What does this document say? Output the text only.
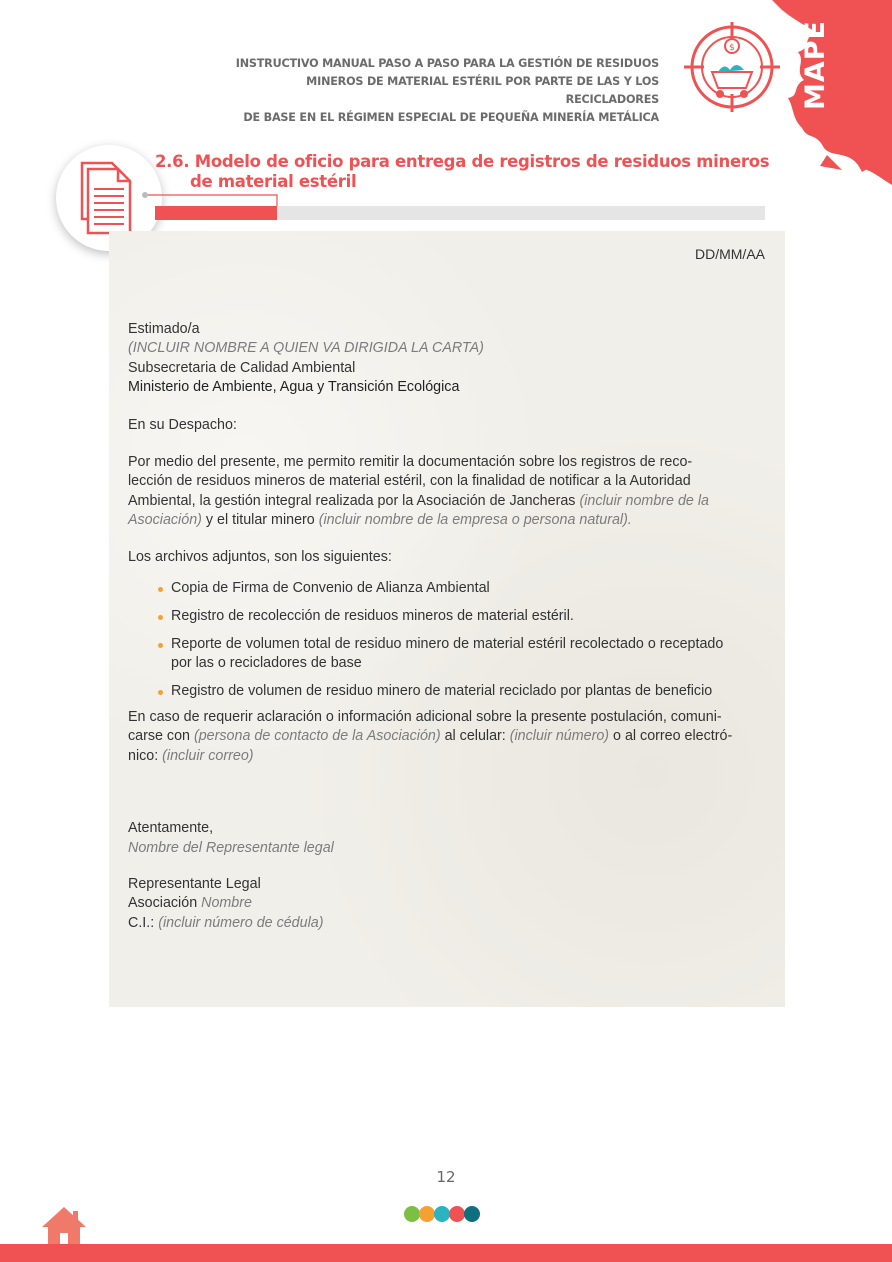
INSTRUCTIVO MANUAL PASO A PASO PARA LA GESTIÓN DE RESIDUOS
MINEROS DE MATERIAL ESTÉRIL POR PARTE DE LAS Y LOS RECICLADORES
DE BASE EN EL RÉGIMEN ESPECIAL DE PEQUEÑA MINERÍA METÁLICA
MAPE
$
2.6. Modelo de oficio para entrega de registros de residuos mineros
de material estéril
DD/MM/AA

Estimado/a

(INCLUIR NOMBRE A QUIEN VA DIRIGIDA LA CARTA)

Subsecretaria de Calidad Ambiental

Ministerio de Ambiente, Agua y Transición Ecológica

En su Despacho:

Por medio del presente, me permito remitir la documentación sobre los registros de reco-

lección de residuos mineros de material estéril, con la finalidad de notificar a la Autoridad

Ambiental, la gestión integral realizada por la Asociación de Jancheras (incluir nombre de la

Asociación) y el titular minero (incluir nombre de la empresa o persona natural).

Los archivos adjuntos, son los siguientes:

Copia de Firma de Convenio de Alianza Ambiental
Registro de recolección de residuos mineros de material estéril.
Reporte de volumen total de residuo minero de material estéril recolectado o receptado
por las o recicladores de base
Registro de volumen de residuo minero de material reciclado por plantas de beneficio

En caso de requerir aclaración o información adicional sobre la presente postulación, comuni-

carse con (persona de contacto de la Asociación) al celular: (incluir número) o al correo electró-

nico: (incluir correo)

Atentamente,

Nombre del Representante legal

Representante Legal

Asociación Nombre

C.I.: (incluir número de cédula)

12
